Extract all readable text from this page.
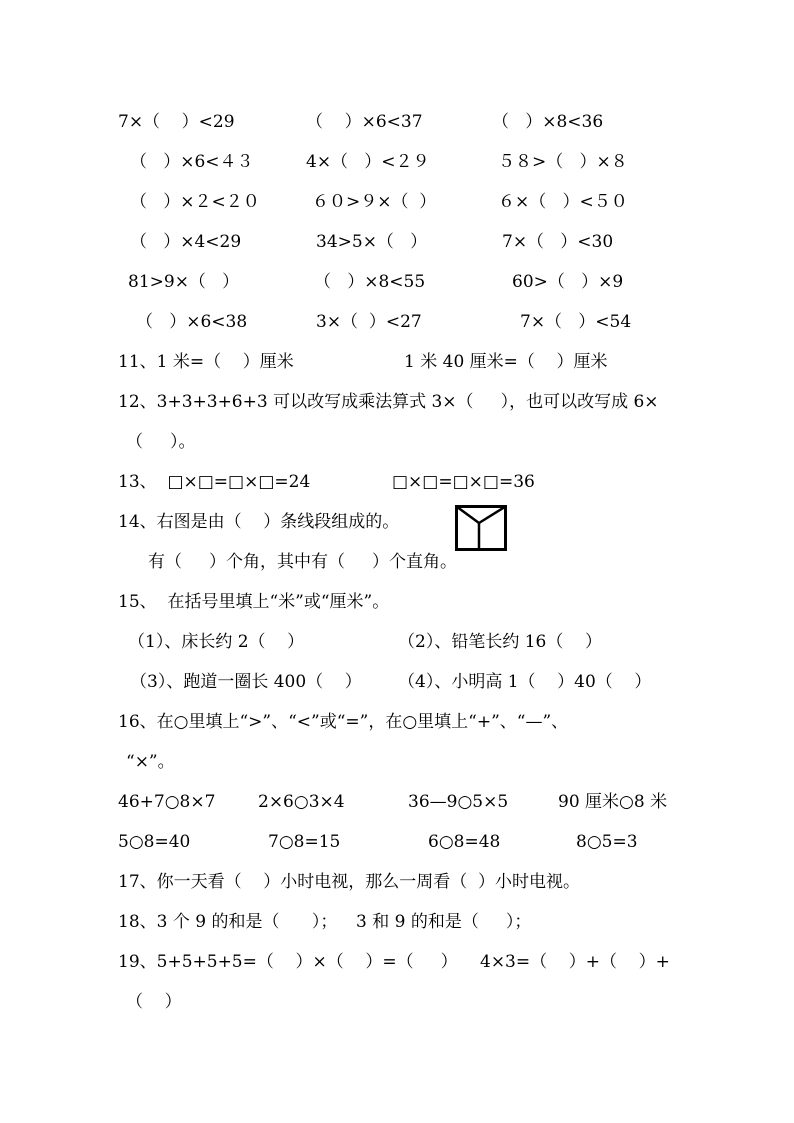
7×（    ）<29	（    ）×6<37	（   ）×8<36
（   ）×6<４３	4×（   ）<２９	５８>（   ）×８
（   ）×２<２０	６０>９×（  ）	６×（   ）<５０
（   ）×4<29	34>5×（   ）	7×（   ）<30
81>9×（   ）	（   ）×8<55	60>（   ）×9
（   ）×6<38	3×（  ）<27	7×（   ）<54
11、1 米=（    ）厘米	1 米 40 厘米=（    ）厘米
12、3+3+3+6+3 可以改写成乘法算式 3×（     ），也可以改写成 6×
（     ）。
13、  □×□=□×□=24	□×□=□×□=36
14、右图是由（    ）条线段组成的。
有（     ）个角，其中有（     ）个直角。
15、  在括号里填上“米”或“厘米”。
（1）、床长约 2（    ）	（2）、铅笔长约 16（    ）
（3）、跑道一圈长 400（    ） （4）、小明高 1（    ）40（    ）
16、在○里填上“>”、“<”或“=”，在○里填上“+”、“—”、
“×”。
46+7○8×7	2×6○3×4	36—9○5×5	90 厘米○8 米
5○8=40	7○8=15	6○8=48	8○5=3
17、你一天看（    ）小时电视，那么一周看（  ）小时电视。
18、3 个 9 的和是（      ）； 3 和 9 的和是（     ）；
19、5+5+5+5=（    ）×（    ）=（     ） 4×3=（    ）+（    ）+
（    ）
